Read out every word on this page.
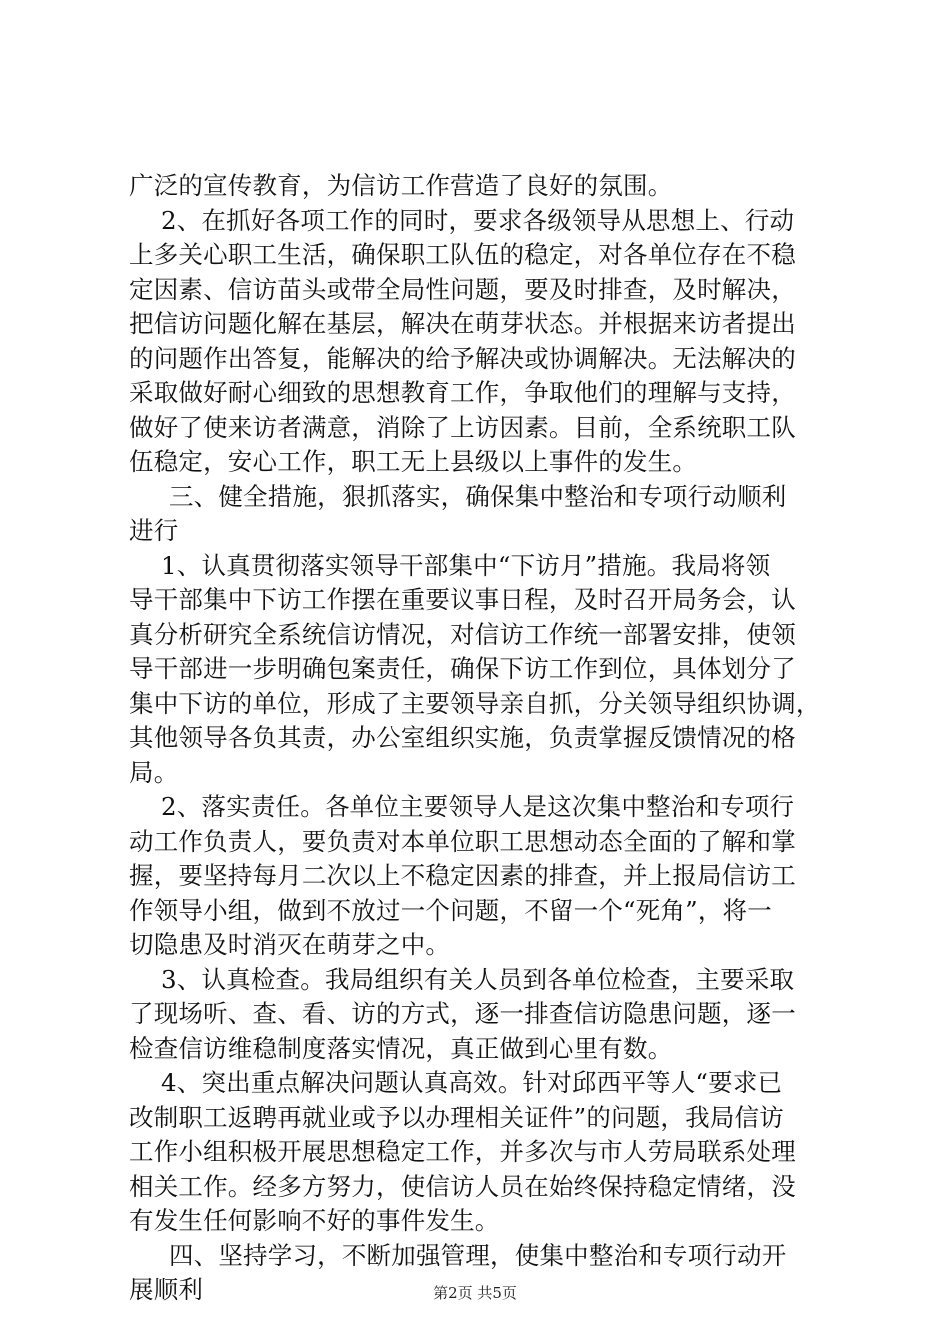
广泛的宣传教育，为信访工作营造了良好的氛围。
2、在抓好各项工作的同时，要求各级领导从思想上、行动
上多关心职工生活，确保职工队伍的稳定，对各单位存在不稳
定因素、信访苗头或带全局性问题，要及时排查，及时解决，
把信访问题化解在基层，解决在萌芽状态。并根据来访者提出
的问题作出答复，能解决的给予解决或协调解决。无法解决的
采取做好耐心细致的思想教育工作，争取他们的理解与支持，
做好了使来访者满意，消除了上访因素。目前，全系统职工队
伍稳定，安心工作，职工无上县级以上事件的发生。
三、健全措施，狠抓落实，确保集中整治和专项行动顺利
进行
1、认真贯彻落实领导干部集中“下访月”措施。我局将领
导干部集中下访工作摆在重要议事日程，及时召开局务会，认
真分析研究全系统信访情况，对信访工作统一部署安排，使领
导干部进一步明确包案责任，确保下访工作到位，具体划分了
集中下访的单位，形成了主要领导亲自抓，分关领导组织协调，
其他领导各负其责，办公室组织实施，负责掌握反馈情况的格
局。
2、落实责任。各单位主要领导人是这次集中整治和专项行
动工作负责人，要负责对本单位职工思想动态全面的了解和掌
握，要坚持每月二次以上不稳定因素的排查，并上报局信访工
作领导小组，做到不放过一个问题，不留一个“死角”，将一
切隐患及时消灭在萌芽之中。
3、认真检查。我局组织有关人员到各单位检查，主要采取
了现场听、查、看、访的方式，逐一排查信访隐患问题，逐一
检查信访维稳制度落实情况，真正做到心里有数。
4、突出重点解决问题认真高效。针对邱西平等人“要求已
改制职工返聘再就业或予以办理相关证件”的问题，我局信访
工作小组积极开展思想稳定工作，并多次与市人劳局联系处理
相关工作。经多方努力，使信访人员在始终保持稳定情绪，没
有发生任何影响不好的事件发生。
四、坚持学习，不断加强管理，使集中整治和专项行动开
展顺利	第2页 共5页
